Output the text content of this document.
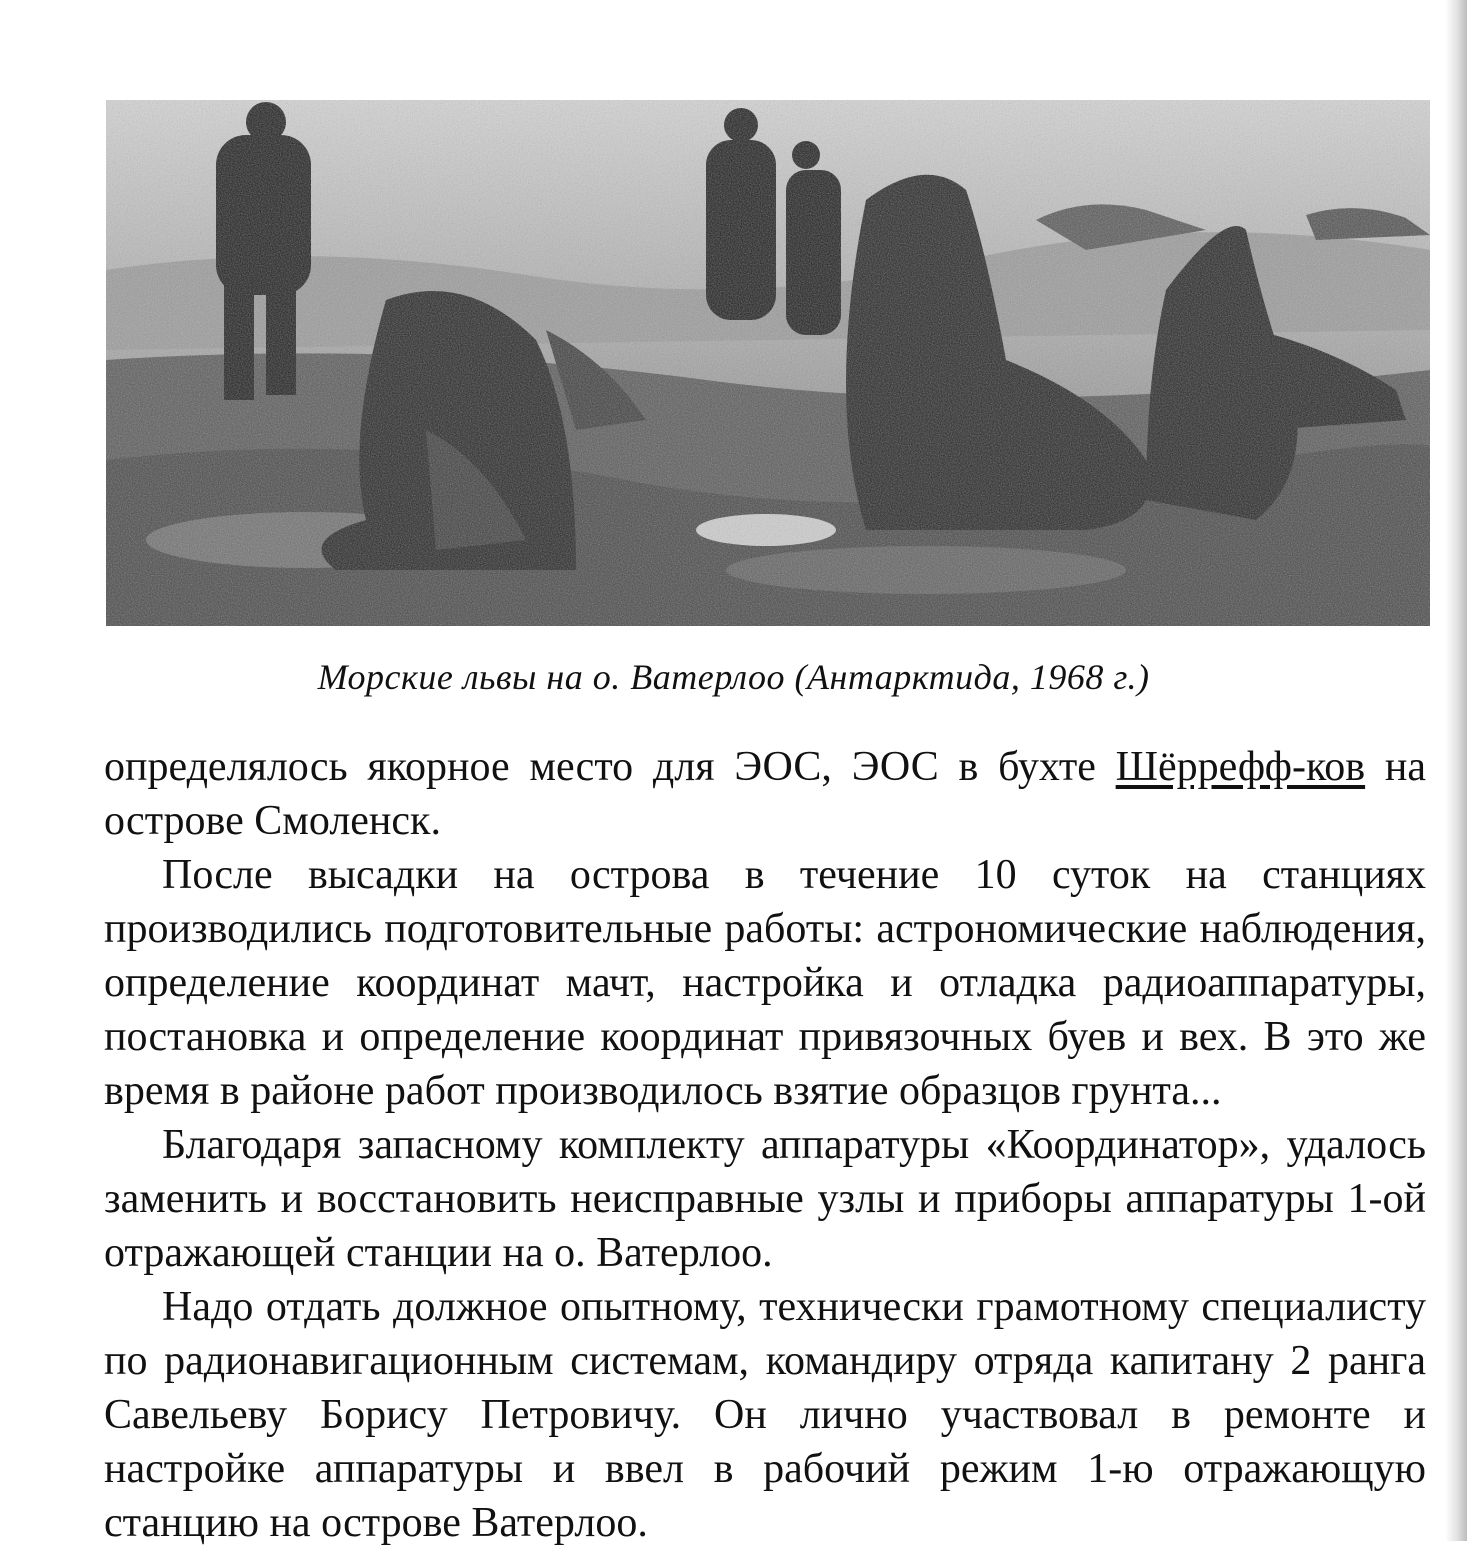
Морские львы на о. Ватерлоо (Антарктида, 1968 г.)

определялось якорное место для ЭОС, ЭОС в бухте Шёррефф-ков на острове Смоленск.

После высадки на острова в течение 10 суток на станциях производились подготовительные работы: астрономические наблюдения, определение координат мачт, настройка и отладка радиоаппаратуры, постановка и определение координат привязочных буев и вех. В это же время в районе работ производилось взятие образцов грунта...

Благодаря запасному комплекту аппаратуры «Координатор», удалось заменить и восстановить неисправные узлы и приборы аппаратуры 1-ой отражающей станции на о. Ватерлоо.

Надо отдать должное опытному, технически грамотному специалисту по радионавигационным системам, командиру отряда капитану 2 ранга Савельеву Борису Петровичу. Он лично участвовал в ремонте и настройке аппаратуры и ввел в рабочий режим 1-ю отражающую станцию на острове Ватерлоо.
